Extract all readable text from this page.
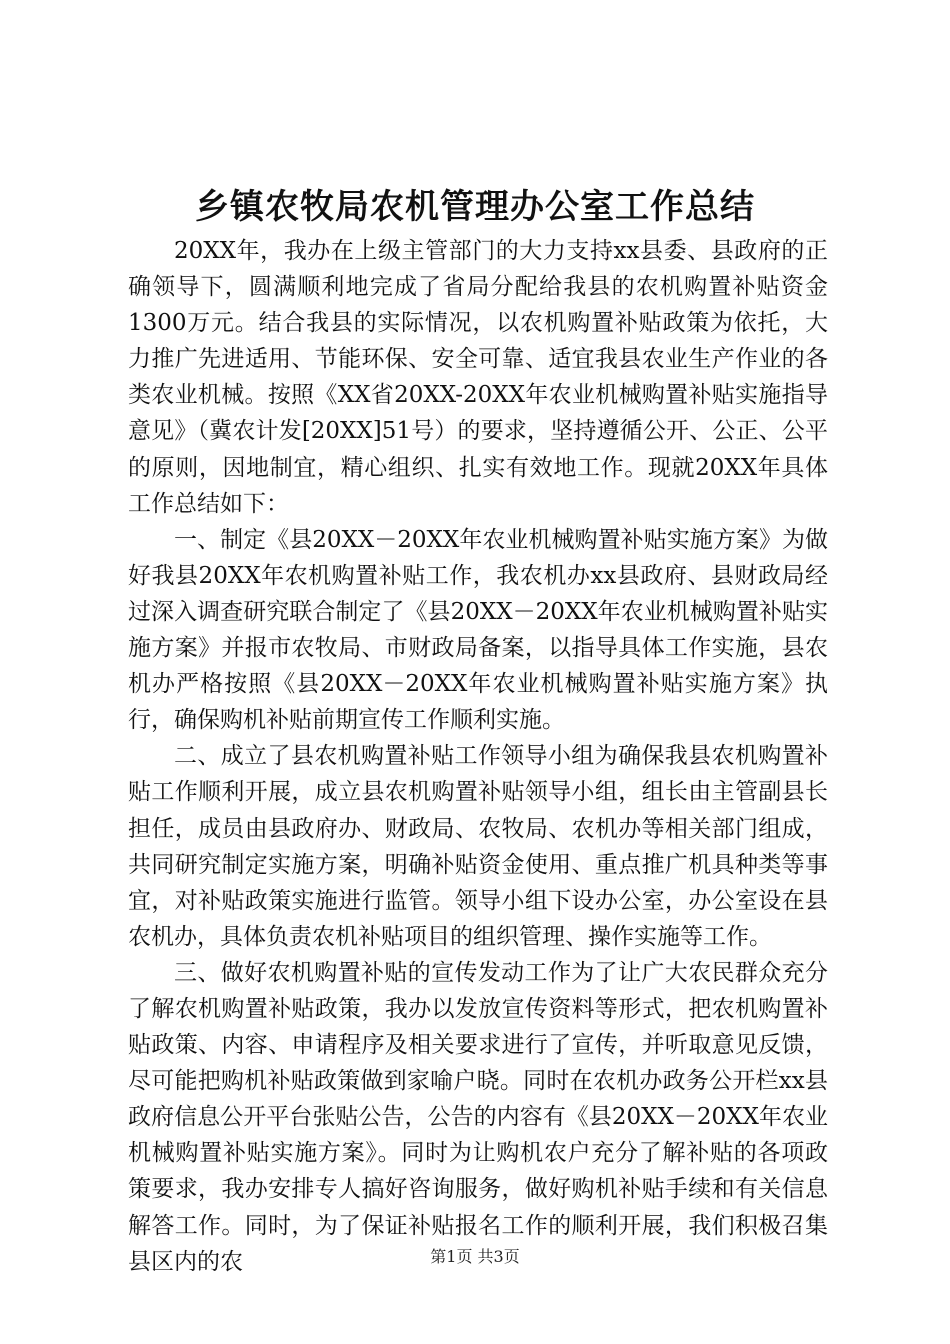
乡镇农牧局农机管理办公室工作总结

20XX年，我办在上级主管部门的大力支持xx县委、县政府的正确领导下，圆满顺利地完成了省局分配给我县的农机购置补贴资金1300万元。结合我县的实际情况，以农机购置补贴政策为依托，大力推广先进适用、节能环保、安全可靠、适宜我县农业生产作业的各类农业机械。按照《XX省20XX-20XX年农业机械购置补贴实施指导意见》（冀农计发[20XX]51号）的要求，坚持遵循公开、公正、公平的原则，因地制宜，精心组织、扎实有效地工作。现就20XX年具体工作总结如下：

一、制定《县20XX－20XX年农业机械购置补贴实施方案》为做好我县20XX年农机购置补贴工作，我农机办xx县政府、县财政局经过深入调查研究联合制定了《县20XX－20XX年农业机械购置补贴实施方案》并报市农牧局、市财政局备案，以指导具体工作实施，县农机办严格按照《县20XX－20XX年农业机械购置补贴实施方案》执行，确保购机补贴前期宣传工作顺利实施。

二、成立了县农机购置补贴工作领导小组为确保我县农机购置补贴工作顺利开展，成立县农机购置补贴领导小组，组长由主管副县长担任，成员由县政府办、财政局、农牧局、农机办等相关部门组成，共同研究制定实施方案，明确补贴资金使用、重点推广机具种类等事宜，对补贴政策实施进行监管。领导小组下设办公室，办公室设在县农机办，具体负责农机补贴项目的组织管理、操作实施等工作。

三、做好农机购置补贴的宣传发动工作为了让广大农民群众充分了解农机购置补贴政策，我办以发放宣传资料等形式，把农机购置补贴政策、内容、申请程序及相关要求进行了宣传，并听取意见反馈，尽可能把购机补贴政策做到家喻户晓。同时在农机办政务公开栏xx县政府信息公开平台张贴公告，公告的内容有《县20XX－20XX年农业机械购置补贴实施方案》。同时为让购机农户充分了解补贴的各项政策要求，我办安排专人搞好咨询服务，做好购机补贴手续和有关信息解答工作。同时，为了保证补贴报名工作的顺利开展，我们积极召集县区内的农	第1页 共3页
